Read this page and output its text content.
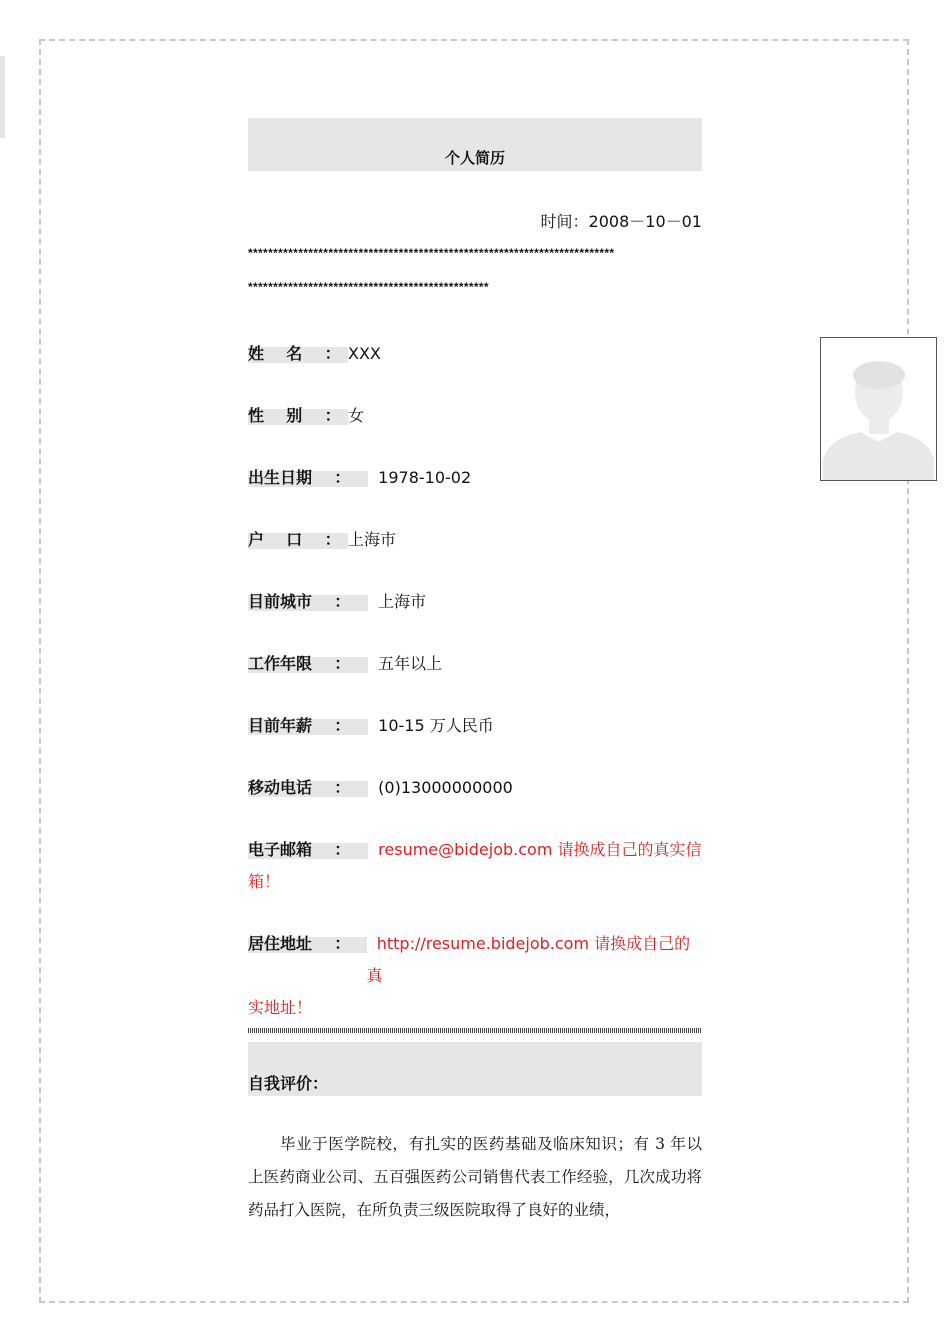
个人简历
时间：2008－10－01
*************************************************************************
************************************************
姓    名    ： XXX
性    别    ： 女
出生日期    ：	1978-10-02
户    口    ： 上海市
目前城市    ：	上海市
工作年限    ：	五年以上
目前年薪    ：	10-15 万人民币
移动电话    ：	(0)13000000000
电子邮箱    ：	resume@bidejob.com 请换成自己的真实信
箱！
居住地址    ：	http://resume.bidejob.com 请换成自己的真
实地址！
自我评价：
毕业于医学院校，有扎实的医药基础及临床知识；有 3 年以上医药商业公司、五百强医药公司销售代表工作经验，几次成功将药品打入医院，在所负责三级医院取得了良好的业绩，
